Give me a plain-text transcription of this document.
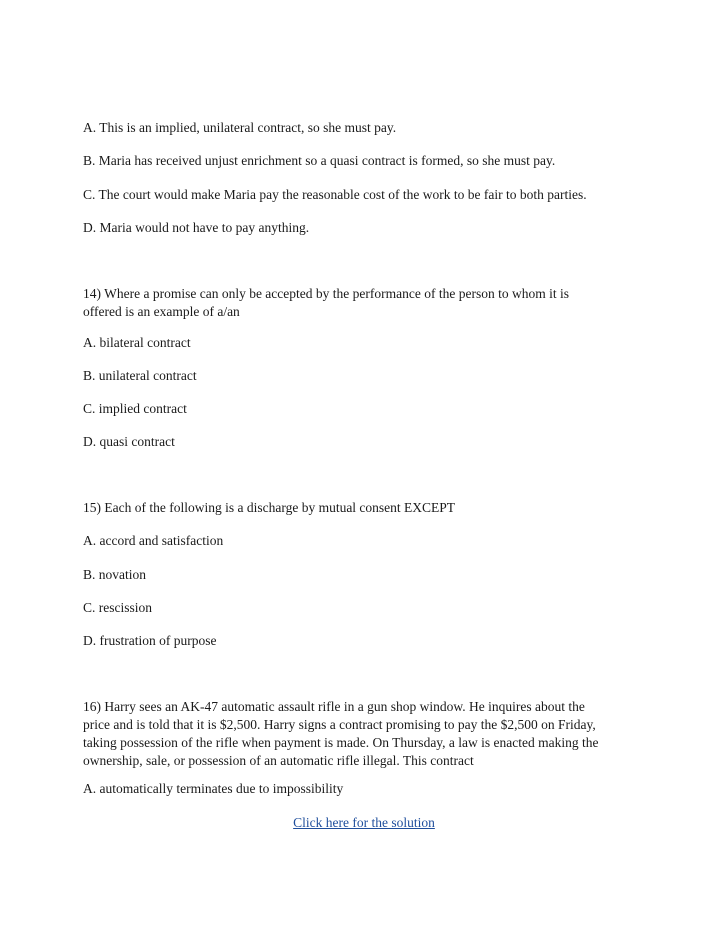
A. This is an implied, unilateral contract, so she must pay.
B. Maria has received unjust enrichment so a quasi contract is formed, so she must pay.
C. The court would make Maria pay the reasonable cost of the work to be fair to both parties.
D. Maria would not have to pay anything.
14) Where a promise can only be accepted by the performance of the person to whom it is
offered is an example of a/an
A. bilateral contract
B. unilateral contract
C. implied contract
D. quasi contract
15) Each of the following is a discharge by mutual consent EXCEPT
A. accord and satisfaction
B. novation
C. rescission
D. frustration of purpose
16) Harry sees an AK-47 automatic assault rifle in a gun shop window. He inquires about the
price and is told that it is $2,500. Harry signs a contract promising to pay the $2,500 on Friday,
taking possession of the rifle when payment is made. On Thursday, a law is enacted making the
ownership, sale, or possession of an automatic rifle illegal. This contract
A. automatically terminates due to impossibility
Click here for the solution
